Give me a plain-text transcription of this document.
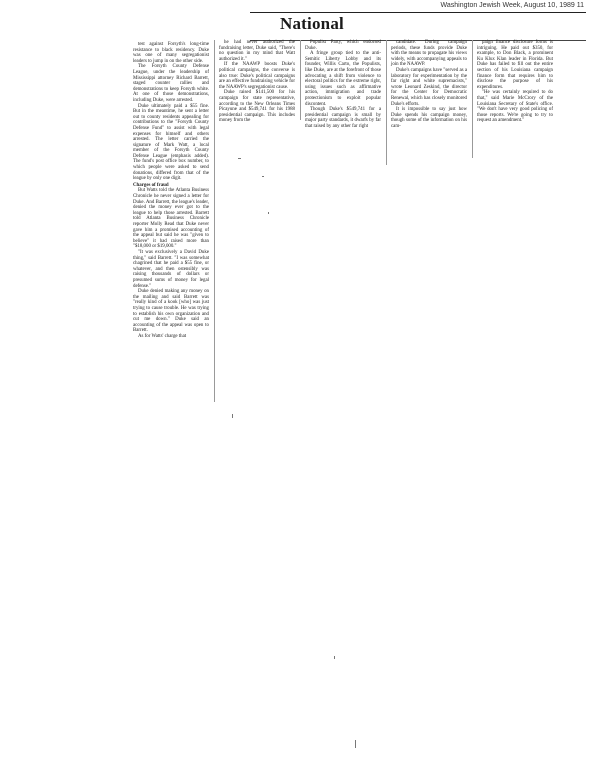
National
Washington Jewish Week, August 10, 1989 11

test against Forsyth's long-time resistance to black residency. Duke was one of many segregationist leaders to jump in on the other side.

The Forsyth County Defense League, under the leadership of Mississippi attorney Richard Barrett, staged counter rallies and demonstrations to keep Forsyth white. At one of those demonstrations, including Duke, were arrested.

Duke ultimately paid a $55 fine. But in the meantime, he sent a letter out to county residents appealing for contributions to the "Forsyth County Defense Fund" to assist with legal expenses for himself and others arrested. The letter carried the signature of Mark Watt, a local member of the Forsyth County Defense League (emphasis added). The fund's post office box number, to which people were asked to send donations, differed from that of the league by only one digit.

Charges of fraud

But Watts told the Atlanta Business Chronicle he never signed a letter for Duke. And Barrett, the league's leader, denied the money ever got to the league to help those arrested. Barrett told Atlanta Business Chronicle reporter Molly Read that Duke never gave him a promised accounting of the appeal but said he was "given to believe" it had raised more than "$18,000 or $19,000."

"It was exclusively a David Duke thing," said Barrett. "I was somewhat chagrined that he paid a $55 fine, or whatever, and then ostensibly was raising thousands of dollars or presumed sums of money for legal defense."

Duke denied making any money on the mailing and said Barrett was "really kind of a kook [who] was just trying to cause trouble. He was trying to establish his own organization and cut me down." Duke said an accounting of the appeal was open to Barrett.

As for Watts' charge that

he had never authorized the fundraising letter, Duke said, "There's no question in my mind that Watt authorized it."

If the NAAWP boosts Duke's political campaigns, the converse is also true: Duke's political campaigns are an effective fundraising vehicle for the NAAWP's segregationist cause.

Duke raised $141,500 for his campaign for state representative, according to the New Orleans Times Picayune and $549,741 for his 1988 presidential campaign. This includes money from the

Populist Party, which endorsed Duke.

A fringe group tied to the anti-Semitic Liberty Lobby and its founder, Willis Carto, the Populists, like Duke, are at the forefront of those advocating a shift from violence to electoral politics for the extreme right, using issues such as affirmative action, immigration and trade protectionism to exploit popular discontent.

Though Duke's $549,741 for a presidential campaign is small by major party standards, it dwarfs by far that raised by any other far right

candidate. During campaign periods, these funds provide Duke with the means to propagate his views widely, with accompanying appeals to join the NAAWP.

Duke's campaigns have "served as a laboratory for experimentation by the far right and white supremacists," wrote Leonard Zeskind, the director for the Center for Democratic Renewal, which has closely monitored Duke's efforts.

It is impossible to say just how Duke spends his campaign money, though some of the information on his cam-

paign finance disclosure forms is intriguing. He paid out $350, for example, to Don Black, a prominent Ku Klux Klan leader in Florida. But Duke has failed to fill out the entire section of his Louisiana campaign finance form that requires him to disclose the purpose of his expenditures.

"He was certainly required to do that," said Marie McCrory of the Louisiana Secretary of State's office. "We don't have very good policing of those reports. We're going to try to request an amendment."
